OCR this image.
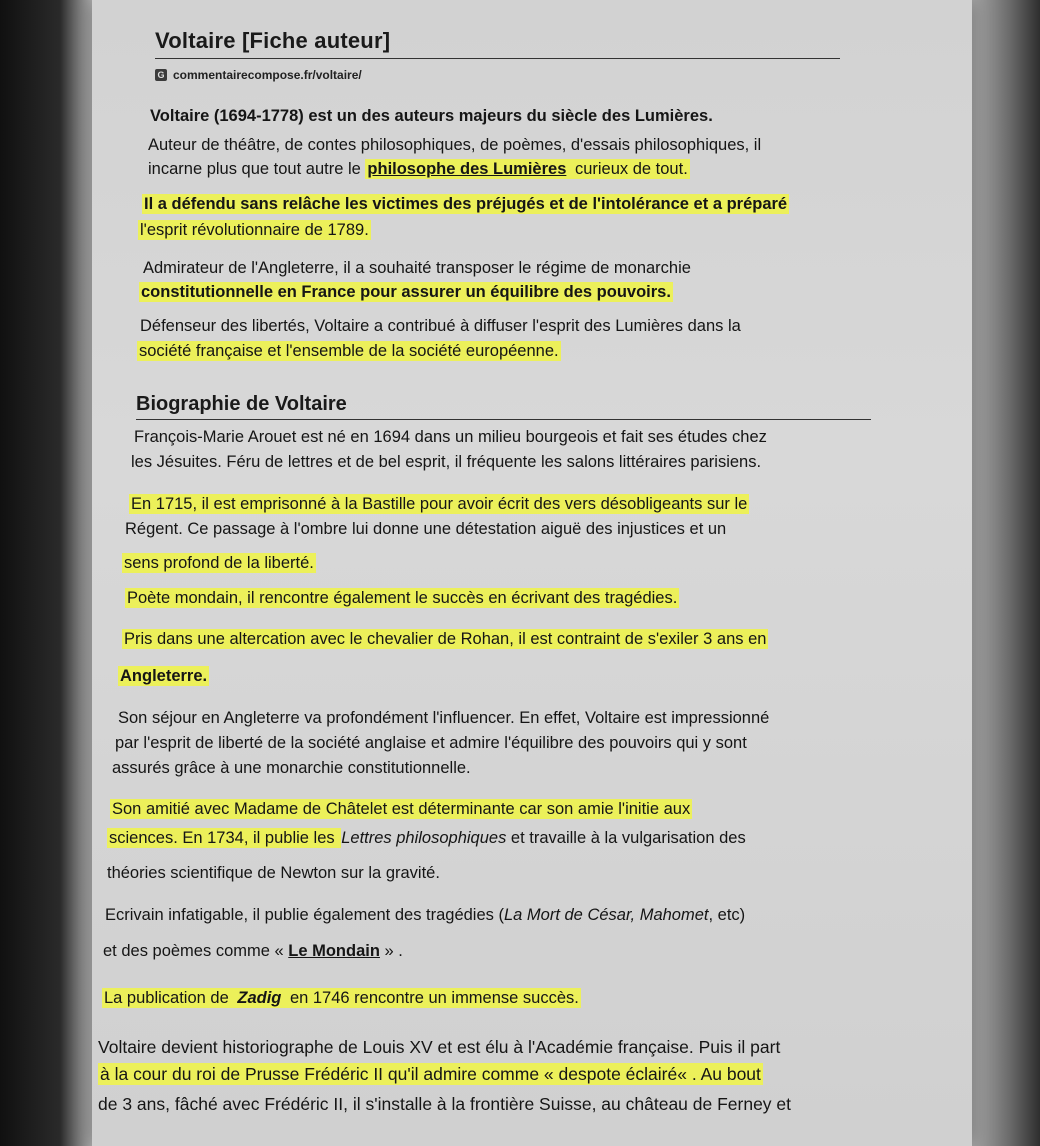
Voltaire [Fiche auteur]
G commentairecompose.fr/voltaire/
Voltaire (1694-1778) est un des auteurs majeurs du siècle des Lumières.
Auteur de théâtre, de contes philosophiques, de poèmes, d'essais philosophiques, il
incarne plus que tout autre le philosophe des Lumières curieux de tout.
Il a défendu sans relâche les victimes des préjugés et de l'intolérance et a préparé
l'esprit révolutionnaire de 1789.
Admirateur de l'Angleterre, il a souhaité transposer le régime de monarchie
constitutionnelle en France pour assurer un équilibre des pouvoirs.
Défenseur des libertés, Voltaire a contribué à diffuser l'esprit des Lumières dans la
société française et l'ensemble de la société européenne.
Biographie de Voltaire
François-Marie Arouet est né en 1694 dans un milieu bourgeois et fait ses études chez
les Jésuites. Féru de lettres et de bel esprit, il fréquente les salons littéraires parisiens.
En 1715, il est emprisonné à la Bastille pour avoir écrit des vers désobligeants sur le
Régent. Ce passage à l'ombre lui donne une détestation aiguë des injustices et un
sens profond de la liberté.
Poète mondain, il rencontre également le succès en écrivant des tragédies.
Pris dans une altercation avec le chevalier de Rohan, il est contraint de s'exiler 3 ans en
Angleterre.
Son séjour en Angleterre va profondément l'influencer. En effet, Voltaire est impressionné
par l'esprit de liberté de la société anglaise et admire l'équilibre des pouvoirs qui y sont
assurés grâce à une monarchie constitutionnelle.
Son amitié avec Madame de Châtelet est déterminante car son amie l'initie aux
sciences. En 1734, il publie les Lettres philosophiques et travaille à la vulgarisation des
théories scientifique de Newton sur la gravité.
Ecrivain infatigable, il publie également des tragédies (La Mort de César, Mahomet, etc)
et des poèmes comme « Le Mondain » .
La publication de Zadig en 1746 rencontre un immense succès.
Voltaire devient historiographe de Louis XV et est élu à l'Académie française. Puis il part
à la cour du roi de Prusse Frédéric II qu'il admire comme « despote éclairé« . Au bout
de 3 ans, fâché avec Frédéric II, il s'installe à la frontière Suisse, au château de Ferney et
